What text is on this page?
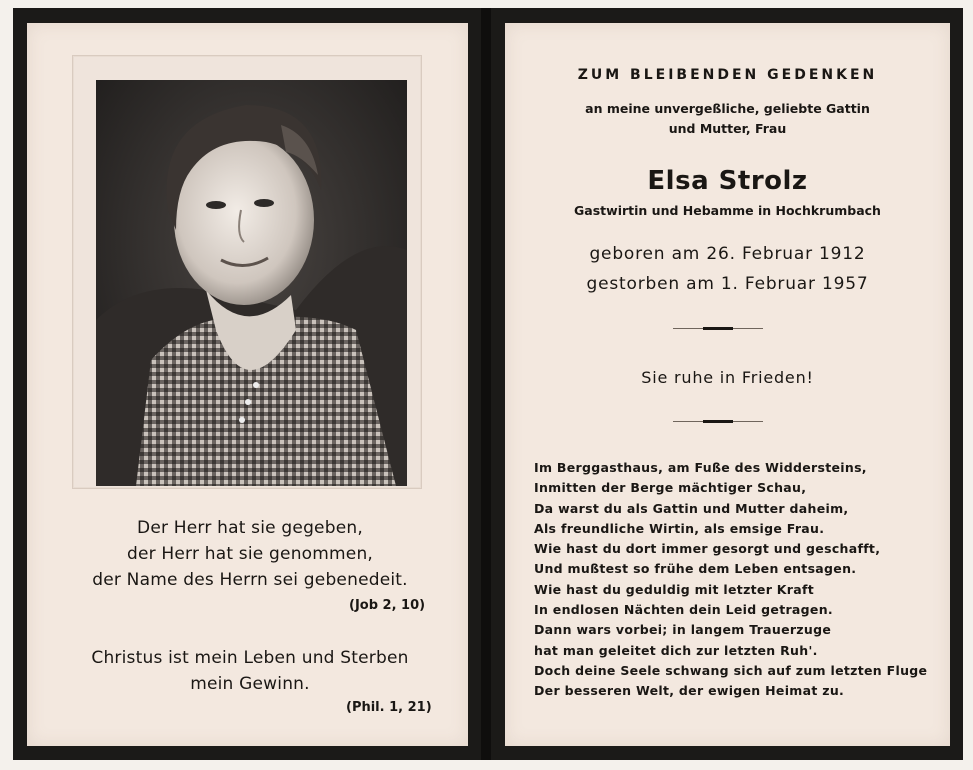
Der Herr hat sie gegeben,
der Herr hat sie genommen,
der Name des Herrn sei gebenedeit.
(Job 2, 10)
Christus ist mein Leben und Sterben
mein Gewinn.
(Phil. 1, 21)
ZUM BLEIBENDEN GEDENKEN
an meine unvergeßliche, geliebte Gattin
und Mutter, Frau
Elsa Strolz
Gastwirtin und Hebamme in Hochkrumbach
geboren am 26. Februar 1912
gestorben am 1. Februar 1957
Sie ruhe in Frieden!
Im Berggasthaus, am Fuße des Widdersteins,
Inmitten der Berge mächtiger Schau,
Da warst du als Gattin und Mutter daheim,
Als freundliche Wirtin, als emsige Frau.
Wie hast du dort immer gesorgt und geschafft,
Und mußtest so frühe dem Leben entsagen.
Wie hast du geduldig mit letzter Kraft
In endlosen Nächten dein Leid getragen.
Dann wars vorbei; in langem Trauerzuge
hat man geleitet dich zur letzten Ruh'.
Doch deine Seele schwang sich auf zum letzten Fluge
Der besseren Welt, der ewigen Heimat zu.
